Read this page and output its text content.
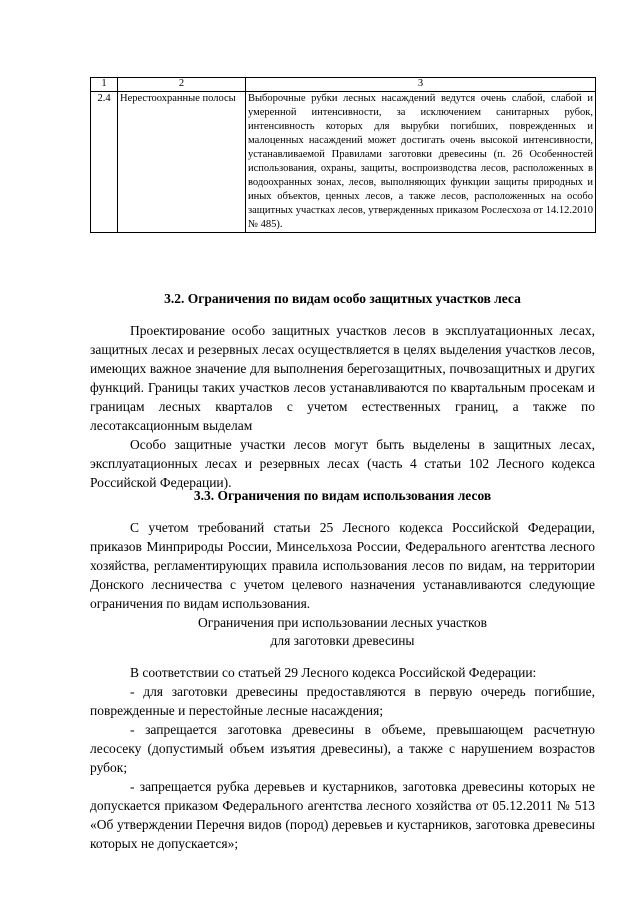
1	2	3
2.4	Нерестоохранные полосы	Выборочные рубки лесных насаждений ведутся очень слабой, слабой и умеренной интенсивности, за исключением санитарных рубок, интенсивность которых для вырубки погибших, поврежденных и малоценных насаждений может достигать очень высокой интенсивности, устанавливаемой Правилами заготовки древесины (п. 26 Особенностей использования, охраны, защиты, воспроизводства лесов, расположенных в водоохранных зонах, лесов, выполняющих функции защиты природных и иных объектов, ценных лесов, а также лесов, расположенных на особо защитных участках лесов, утвержденных приказом Рослесхоза от 14.12.2010 № 485).
3.2. Ограничения по видам особо защитных участков леса

Проектирование особо защитных участков лесов в эксплуатационных лесах, защитных лесах и резервных лесах осуществляется в целях выделения участков лесов, имеющих важное значение для выполнения берегозащитных, почвозащитных и других функций. Границы таких участков лесов устанавливаются по квартальным просекам и границам лесных кварталов с учетом естественных границ, а также по лесотаксационным выделам

Особо защитные участки лесов могут быть выделены в защитных лесах, эксплуатационных лесах и резервных лесах (часть 4 статьи 102 Лесного кодекса Российской Федерации).

3.3. Ограничения по видам использования лесов

С учетом требований статьи 25 Лесного кодекса Российской Федерации, приказов Минприроды России, Минсельхоза России, Федерального агентства лесного хозяйства, регламентирующих правила использования лесов по видам, на территории Донского лесничества с учетом целевого назначения устанавливаются следующие ограничения по видам использования.

Ограничения при использовании лесных участков
для заготовки древесины

В соответствии со статьей 29 Лесного кодекса Российской Федерации:

- для заготовки древесины предоставляются в первую очередь погибшие, поврежденные и перестойные лесные насаждения;

- запрещается заготовка древесины в объеме, превышающем расчетную лесосеку (допустимый объем изъятия древесины), а также с нарушением возрастов рубок;

- запрещается рубка деревьев и кустарников, заготовка древесины которых не допускается приказом Федерального агентства лесного хозяйства от 05.12.2011 № 513 «Об утверждении Перечня видов (пород) деревьев и кустарников, заготовка древесины которых не допускается»;
